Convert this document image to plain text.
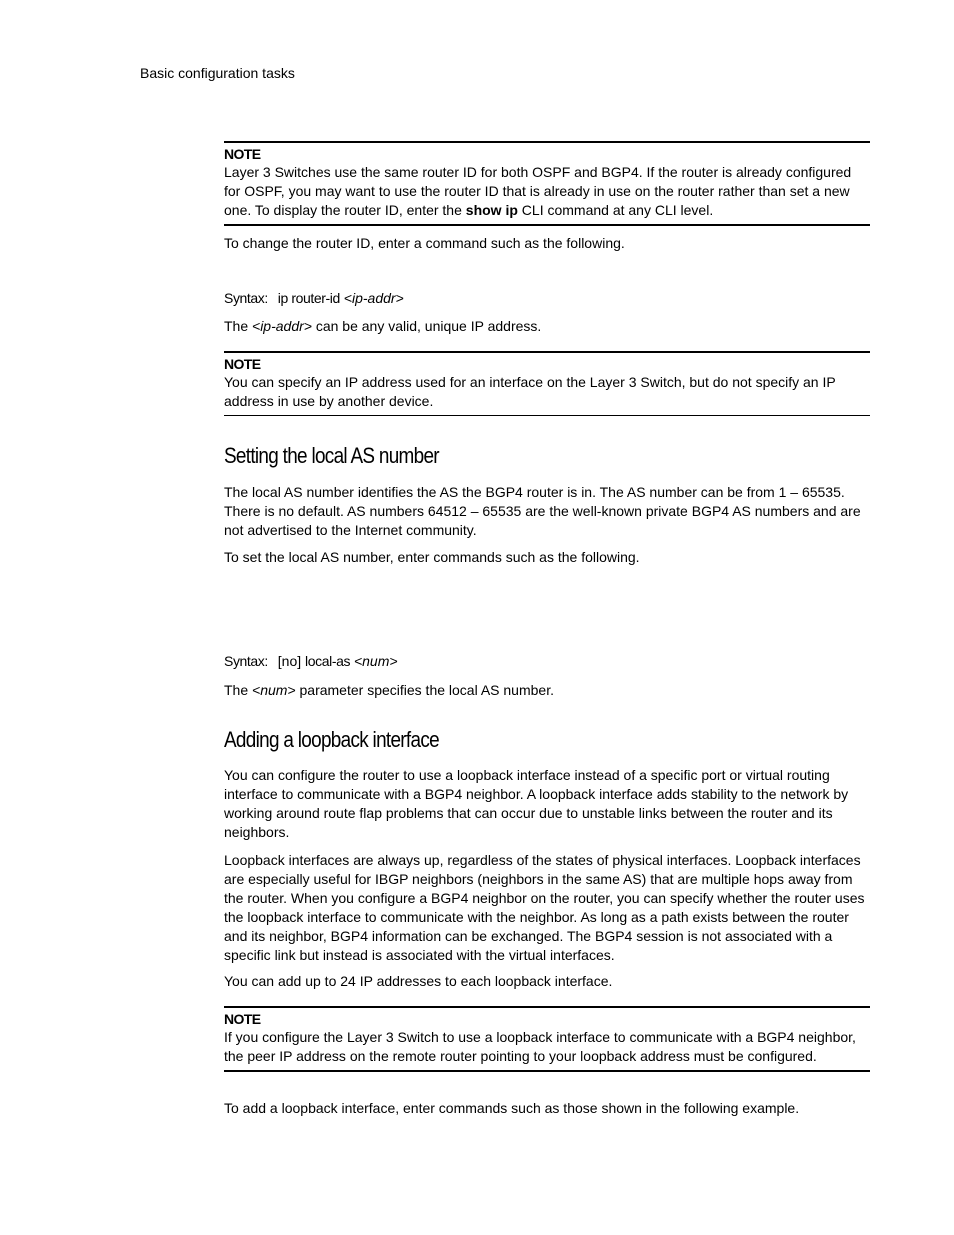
Basic configuration tasks

NOTE

Layer 3 Switches use the same router ID for both OSPF and BGP4. If the router is already configured for OSPF, you may want to use the router ID that is already in use on the router rather than set a new one. To display the router ID, enter the show ip CLI command at any CLI level.

To change the router ID, enter a command such as the following.
Syntax: ip router-id <ip-addr>
The <ip-addr> can be any valid, unique IP address.

NOTE

You can specify an IP address used for an interface on the Layer 3 Switch, but do not specify an IP address in use by another device.

Setting the local AS number
The local AS number identifies the AS the BGP4 router is in. The AS number can be from 1 – 65535. There is no default. AS numbers 64512 – 65535 are the well-known private BGP4 AS numbers and are not advertised to the Internet community.
To set the local AS number, enter commands such as the following.
Syntax: [no] local-as <num>
The <num> parameter specifies the local AS number.
Adding a loopback interface
You can configure the router to use a loopback interface instead of a specific port or virtual routing interface to communicate with a BGP4 neighbor. A loopback interface adds stability to the network by working around route flap problems that can occur due to unstable links between the router and its neighbors.
Loopback interfaces are always up, regardless of the states of physical interfaces. Loopback interfaces are especially useful for IBGP neighbors (neighbors in the same AS) that are multiple hops away from the router. When you configure a BGP4 neighbor on the router, you can specify whether the router uses the loopback interface to communicate with the neighbor. As long as a path exists between the router and its neighbor, BGP4 information can be exchanged. The BGP4 session is not associated with a specific link but instead is associated with the virtual interfaces.
You can add up to 24 IP addresses to each loopback interface.

NOTE

If you configure the Layer 3 Switch to use a loopback interface to communicate with a BGP4 neighbor, the peer IP address on the remote router pointing to your loopback address must be configured.

To add a loopback interface, enter commands such as those shown in the following example.
